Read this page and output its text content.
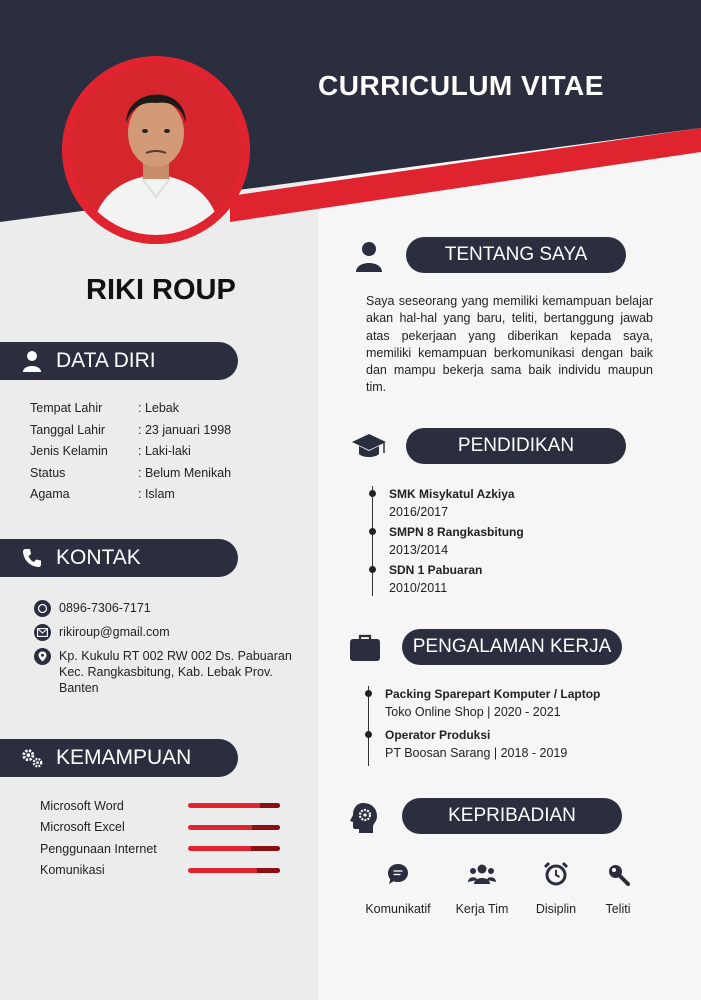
CURRICULUM VITAE
RIKI ROUP
DATA DIRI
Tempat Lahir	: Lebak
Tanggal Lahir	: 23 januari 1998
Jenis Kelamin	: Laki-laki
Status	: Belum Menikah
Agama	: Islam
KONTAK
0896-7306-7171
rikiroup@gmail.com
Kp. Kukulu RT 002 RW 002 Ds. Pabuaran
Kec. Rangkasbitung, Kab. Lebak Prov.
Banten
KEMAMPUAN
Microsoft Word
Microsoft Excel
Penggunaan Internet
Komunikasi
TENTANG SAYA
Saya seseorang yang memiliki kemampuan belajar akan hal-hal yang baru, teliti, bertanggung jawab atas pekerjaan yang diberikan kepada saya, memiliki kemampuan berkomunikasi dengan baik dan mampu bekerja sama baik individu maupun tim.
PENDIDIKAN
SMK Misykatul Azkiya
2016/2017
SMPN 8 Rangkasbitung
2013/2014
SDN 1 Pabuaran
2010/2011
PENGALAMAN KERJA
Packing Sparepart Komputer / Laptop
Toko Online Shop | 2020 - 2021
Operator Produksi
PT Boosan Sarang | 2018 - 2019
KEPRIBADIAN
Komunikatif	Kerja Tim	Disiplin	Teliti
